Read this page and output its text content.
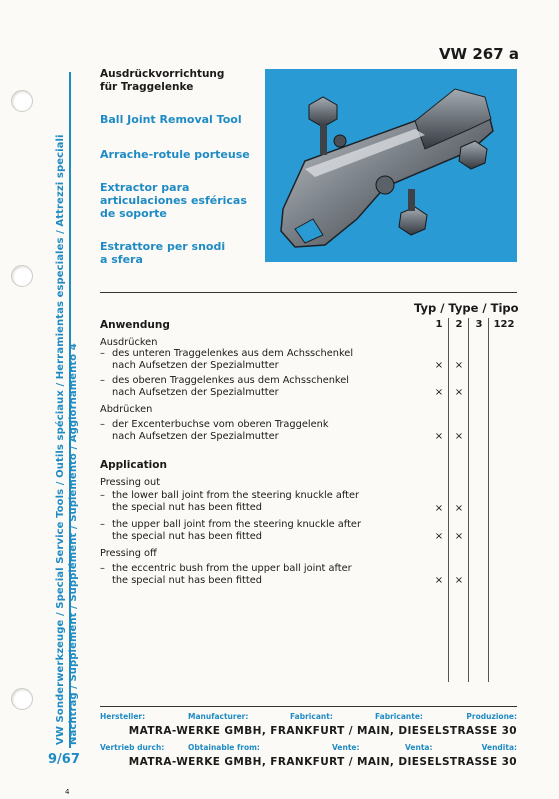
VW Sonderwerkzeuge / Special Service Tools / Outils spéciaux / Herramientas especiales / Attrezzi speciali Nachtrag / Supplement / Supplément / Suplemento / Aggiornamento 4
VW 267 a
Ausdrückvorrichtung
für Traggelenke
Ball Joint Removal Tool
Arrache-rotule porteuse
Extractor para
articulaciones esféricas
de soporte
Estrattore per snodi
a sfera
Typ / Type / Tipo
1	2	3	122
Anwendung
Ausdrücken
– des unteren Traggelenkes aus dem Achsschenkel
nach Aufsetzen der Spezialmutter	× ×
– des oberen Traggelenkes aus dem Achsschenkel
nach Aufsetzen der Spezialmutter	× ×
Abdrücken
– der Excenterbuchse vom oberen Traggelenk
nach Aufsetzen der Spezialmutter	× ×
Application
Pressing out
– the lower ball joint from the steering knuckle after
the special nut has been fitted	× ×
– the upper ball joint from the steering knuckle after
the special nut has been fitted	× ×
Pressing off
– the eccentric bush from the upper ball joint after
the special nut has been fitted	× ×
Hersteller:	Manufacturer:	Fabricant:	Fabricante:	Produzione:
MATRA-WERKE GMBH, FRANKFURT / MAIN, DIESELSTRASSE 30
Vertrieb durch:	Obtainable from:	Vente:	Venta:	Vendita:
MATRA-WERKE GMBH, FRANKFURT / MAIN, DIESELSTRASSE 30
9/67
4
